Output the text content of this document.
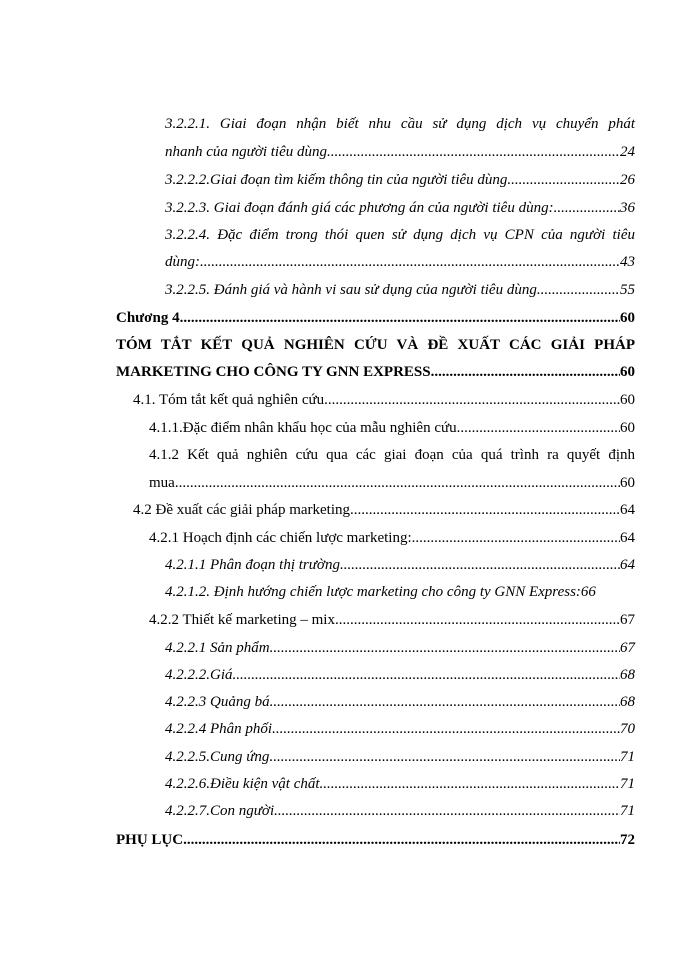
3.2.2.1. Giai đoạn nhận biết nhu cầu sử dụng dịch vụ chuyển phát
nhanh của người tiêu dùng .....	24
3.2.2.2.Giai đoạn tìm kiếm thông tin của người tiêu dùng .....	26
3.2.2.3. Giai đoạn đánh giá các phương án của người tiêu dùng: .....	36
3.2.2.4. Đặc điểm trong thói quen sử dụng dịch vụ CPN của người tiêu
dùng: .....	43
3.2.2.5. Đánh giá và hành vi sau sử dụng của người tiêu dùng .....	55
Chương 4 .....	60
TÓM TẮT KẾT QUẢ NGHIÊN CỨU VÀ ĐỀ XUẤT CÁC GIẢI PHÁP
MARKETING CHO CÔNG TY GNN EXPRESS .....	60
4.1. Tóm tắt kết quả nghiên cứu .....	60
4.1.1.Đặc điểm nhân khẩu học của mẫu nghiên cứu .....	60
4.1.2 Kết quả nghiên cứu qua các giai đoạn của quá trình ra quyết định
mua .....	60
4.2 Đề xuất các giải pháp marketing .....	64
4.2.1 Hoạch định các chiến lược marketing: .....	64
4.2.1.1 Phân đoạn thị trường .....	64
4.2.1.2. Định hướng chiến lược marketing cho công ty GNN Express: 66
4.2.2 Thiết kế marketing – mix .....	67
4.2.2.1 Sản phẩm .....	67
4.2.2.2.Giá .....	68
4.2.2.3 Quảng bá .....	68
4.2.2.4 Phân phối .....	70
4.2.2.5.Cung ứng .....	71
4.2.2.6.Điều kiện vật chất .....	71
4.2.2.7.Con người .....	71
PHỤ LỤC .....	72
